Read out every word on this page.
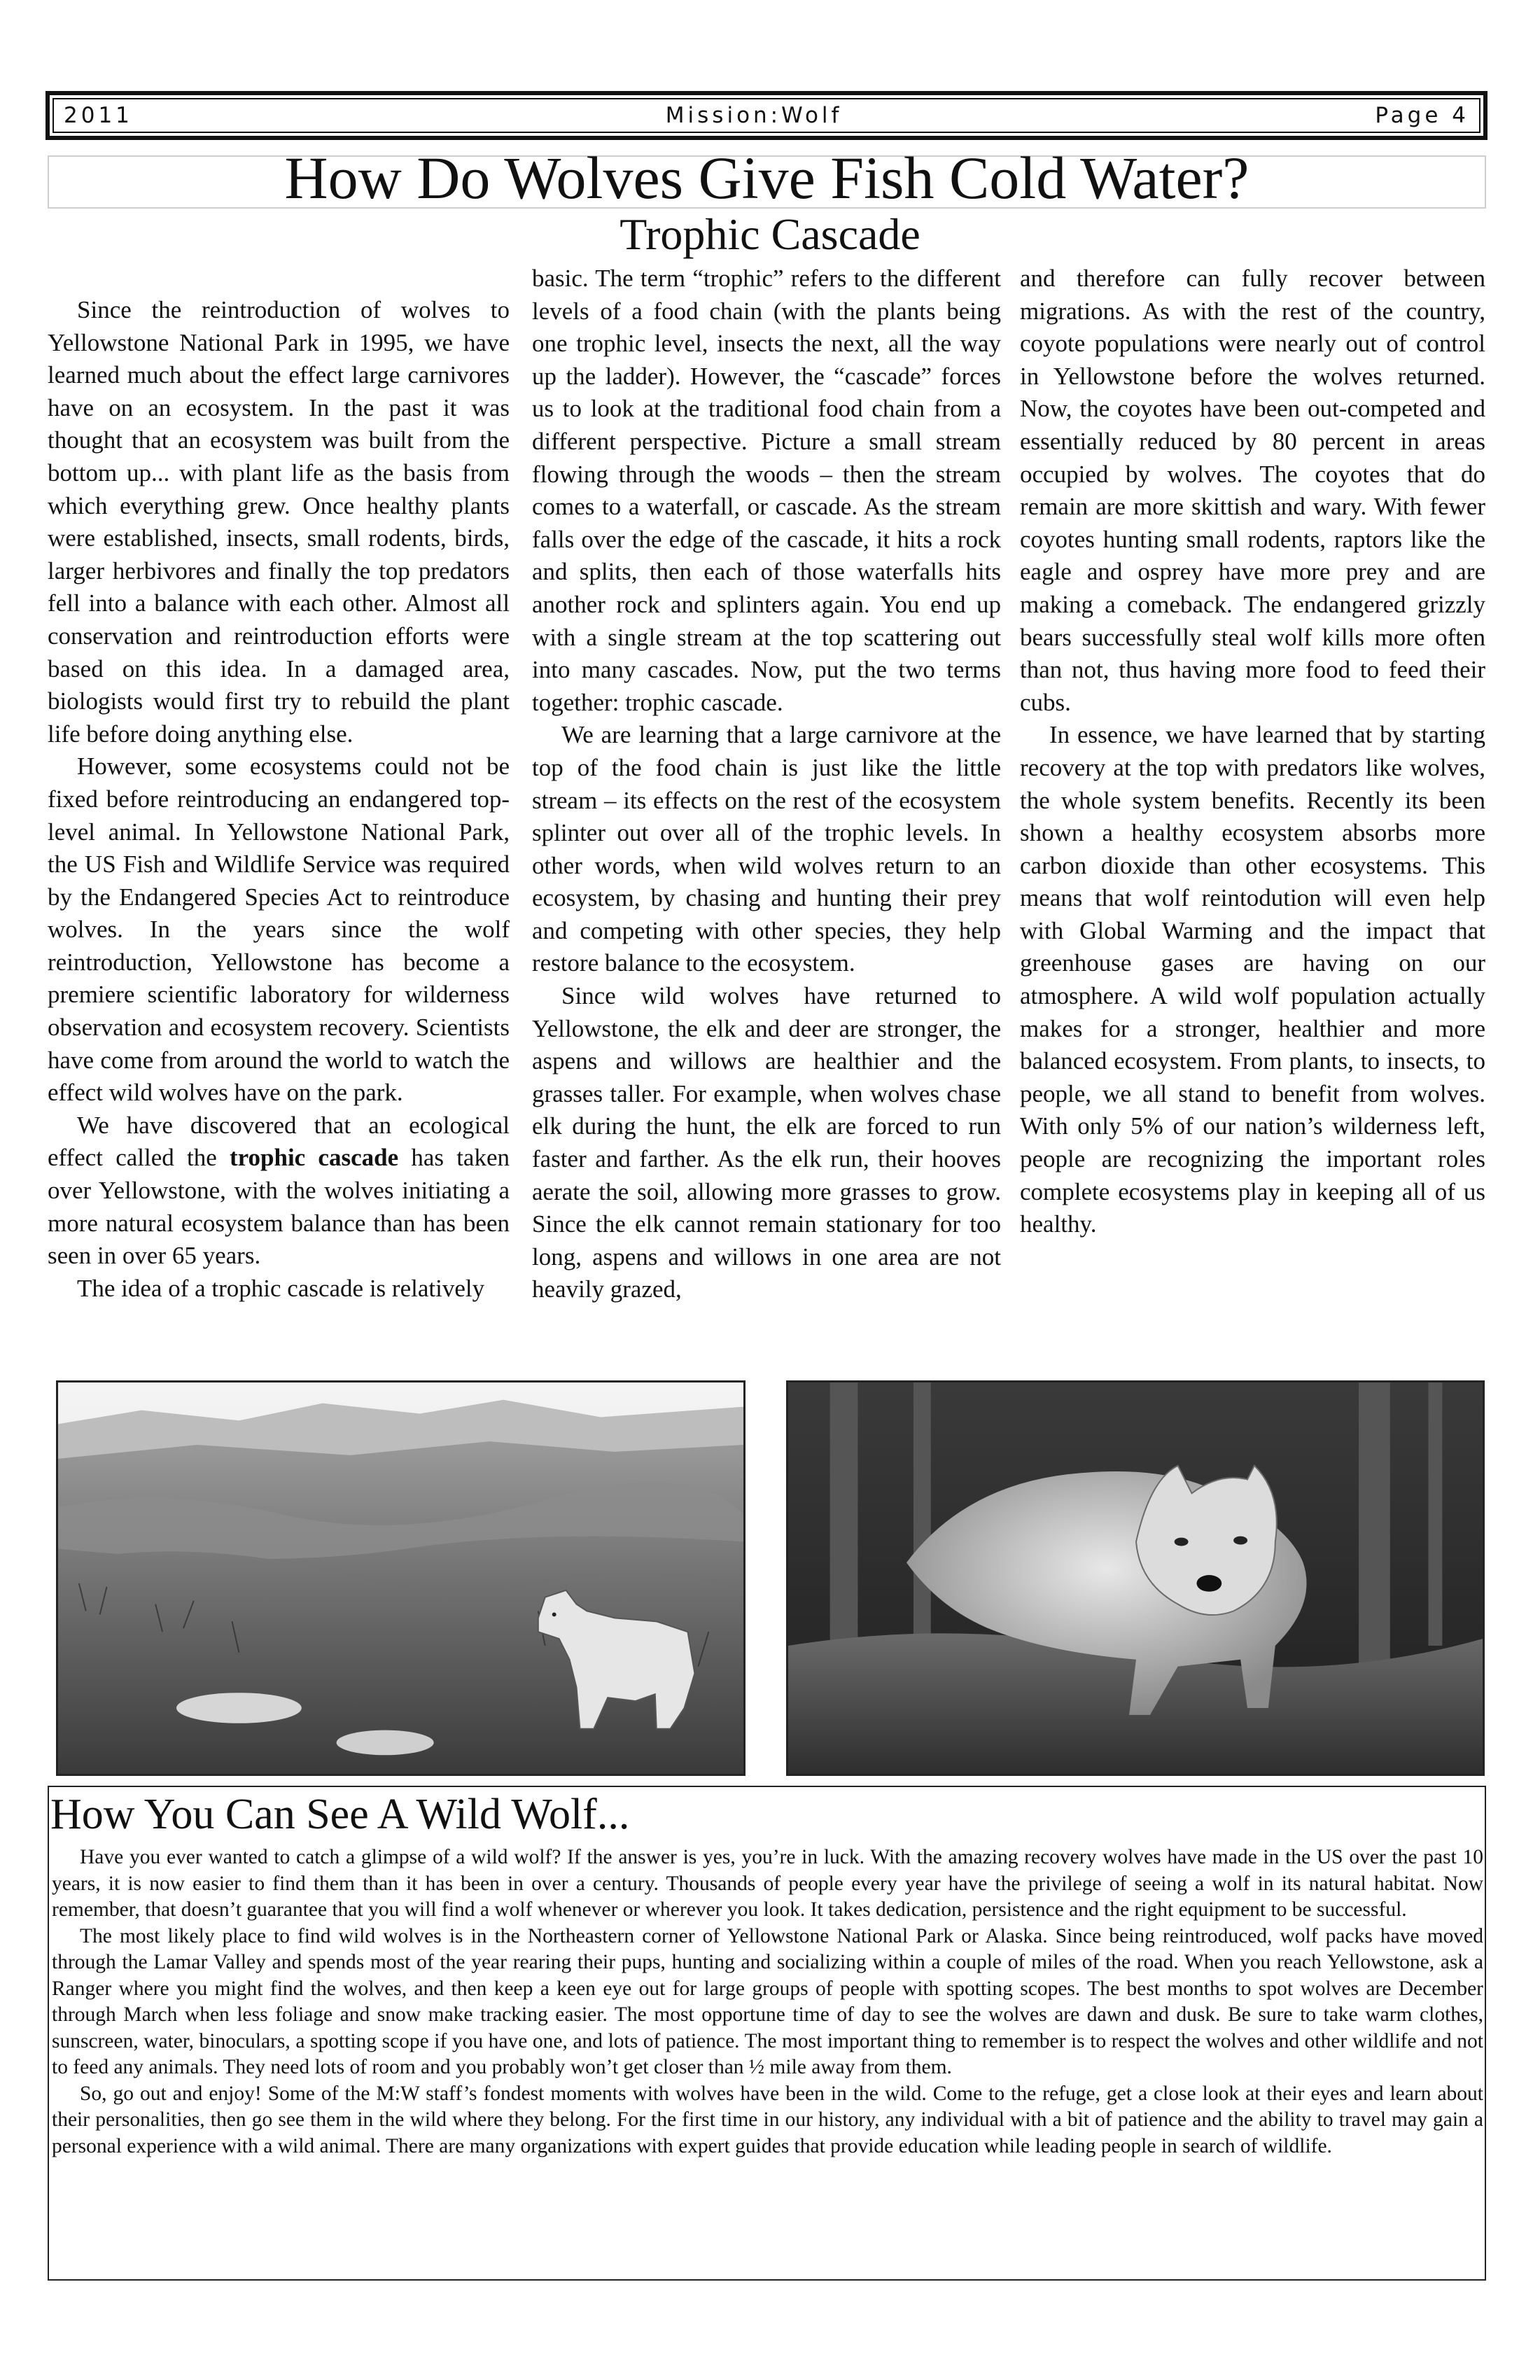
2011	Mission:Wolf	Page 4
How Do Wolves Give Fish Cold Water?
Trophic Cascade

Since the reintroduction of wolves to Yellowstone National Park in 1995, we have learned much about the effect large carnivores have on an ecosystem. In the past it was thought that an ecosystem was built from the bottom up... with plant life as the basis from which everything grew. Once healthy plants were established, insects, small rodents, birds, larger herbivores and finally the top predators fell into a balance with each other. Almost all conservation and reintroduction efforts were based on this idea. In a damaged area, biologists would first try to rebuild the plant life before doing anything else.

However, some ecosystems could not be fixed before reintroducing an endangered top-level animal. In Yellowstone National Park, the US Fish and Wildlife Service was required by the Endangered Species Act to reintroduce wolves. In the years since the wolf reintroduction, Yellowstone has become a premiere scientific laboratory for wilderness observation and ecosystem recovery. Scientists have come from around the world to watch the effect wild wolves have on the park.

We have discovered that an ecological effect called the trophic cascade has taken over Yellowstone, with the wolves initiating a more natural ecosystem balance than has been seen in over 65 years.

The idea of a trophic cascade is relatively

basic. The term “trophic” refers to the different levels of a food chain (with the plants being one trophic level, insects the next, all the way up the ladder). However, the “cascade” forces us to look at the traditional food chain from a different perspective. Picture a small stream flowing through the woods – then the stream comes to a waterfall, or cascade. As the stream falls over the edge of the cascade, it hits a rock and splits, then each of those waterfalls hits another rock and splinters again. You end up with a single stream at the top scattering out into many cascades. Now, put the two terms together: trophic cascade.

We are learning that a large carnivore at the top of the food chain is just like the little stream – its effects on the rest of the ecosystem splinter out over all of the trophic levels. In other words, when wild wolves return to an ecosystem, by chasing and hunting their prey and competing with other species, they help restore balance to the ecosystem.

Since wild wolves have returned to Yellowstone, the elk and deer are stronger, the aspens and willows are healthier and the grasses taller. For example, when wolves chase elk during the hunt, the elk are forced to run faster and farther. As the elk run, their hooves aerate the soil, allowing more grasses to grow. Since the elk cannot remain stationary for too long, aspens and willows in one area are not heavily grazed,

and therefore can fully recover between migrations. As with the rest of the country, coyote populations were nearly out of control in Yellowstone before the wolves returned. Now, the coyotes have been out-competed and essentially reduced by 80 percent in areas occupied by wolves. The coyotes that do remain are more skittish and wary. With fewer coyotes hunting small rodents, raptors like the eagle and osprey have more prey and are making a comeback. The endangered grizzly bears successfully steal wolf kills more often than not, thus having more food to feed their cubs.

In essence, we have learned that by starting recovery at the top with predators like wolves, the whole system benefits. Recently its been shown a healthy ecosystem absorbs more carbon dioxide than other ecosystems. This means that wolf reintodution will even help with Global Warming and the impact that greenhouse gases are having on our atmosphere. A wild wolf population actually makes for a stronger, healthier and more balanced ecosystem. From plants, to insects, to people, we all stand to benefit from wolves. With only 5% of our nation’s wilderness left, people are recognizing the important roles complete ecosystems play in keeping all of us healthy.

How You Can See A Wild Wolf...

Have you ever wanted to catch a glimpse of a wild wolf? If the answer is yes, you’re in luck. With the amazing recovery wolves have made in the US over the past 10 years, it is now easier to find them than it has been in over a century. Thousands of people every year have the privilege of seeing a wolf in its natural habitat. Now remember, that doesn’t guarantee that you will find a wolf whenever or wherever you look. It takes dedication, persistence and the right equipment to be successful.

The most likely place to find wild wolves is in the Northeastern corner of Yellowstone National Park or Alaska. Since being reintroduced, wolf packs have moved through the Lamar Valley and spends most of the year rearing their pups, hunting and socializing within a couple of miles of the road. When you reach Yellowstone, ask a Ranger where you might find the wolves, and then keep a keen eye out for large groups of people with spotting scopes. The best months to spot wolves are December through March when less foliage and snow make tracking easier. The most opportune time of day to see the wolves are dawn and dusk. Be sure to take warm clothes, sunscreen, water, binoculars, a spotting scope if you have one, and lots of patience. The most important thing to remember is to respect the wolves and other wildlife and not to feed any animals. They need lots of room and you probably won’t get closer than ½ mile away from them.

So, go out and enjoy! Some of the M:W staff’s fondest moments with wolves have been in the wild. Come to the refuge, get a close look at their eyes and learn about their personalities, then go see them in the wild where they belong. For the first time in our history, any individual with a bit of patience and the ability to travel may gain a personal experience with a wild animal. There are many organizations with expert guides that provide education while leading people in search of wildlife.
